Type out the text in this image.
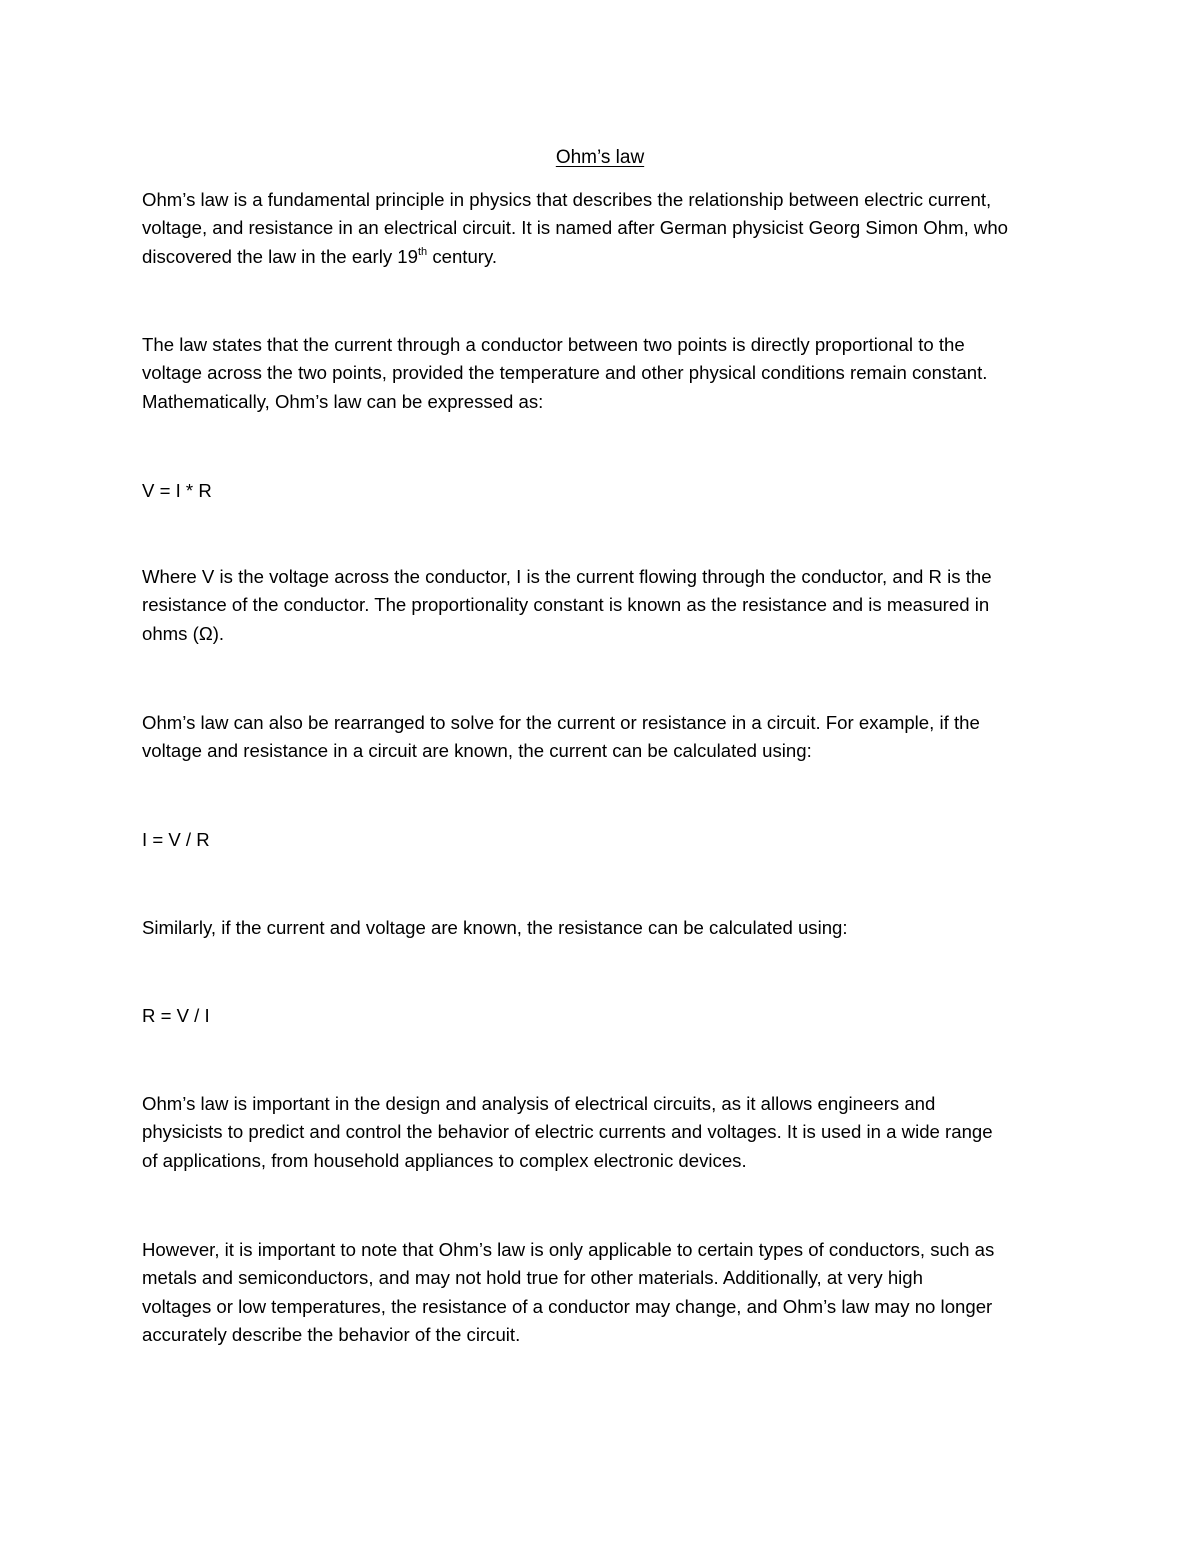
Ohm’s law
Ohm’s law is a fundamental principle in physics that describes the relationship between electric current,
voltage, and resistance in an electrical circuit. It is named after German physicist Georg Simon Ohm, who
discovered the law in the early 19th century.
The law states that the current through a conductor between two points is directly proportional to the
voltage across the two points, provided the temperature and other physical conditions remain constant.
Mathematically, Ohm’s law can be expressed as:
V = I * R
Where V is the voltage across the conductor, I is the current flowing through the conductor, and R is the
resistance of the conductor. The proportionality constant is known as the resistance and is measured in
ohms (Ω).
Ohm’s law can also be rearranged to solve for the current or resistance in a circuit. For example, if the
voltage and resistance in a circuit are known, the current can be calculated using:
I = V / R
Similarly, if the current and voltage are known, the resistance can be calculated using:
R = V / I
Ohm’s law is important in the design and analysis of electrical circuits, as it allows engineers and
physicists to predict and control the behavior of electric currents and voltages. It is used in a wide range
of applications, from household appliances to complex electronic devices.
However, it is important to note that Ohm’s law is only applicable to certain types of conductors, such as
metals and semiconductors, and may not hold true for other materials. Additionally, at very high
voltages or low temperatures, the resistance of a conductor may change, and Ohm’s law may no longer
accurately describe the behavior of the circuit.
